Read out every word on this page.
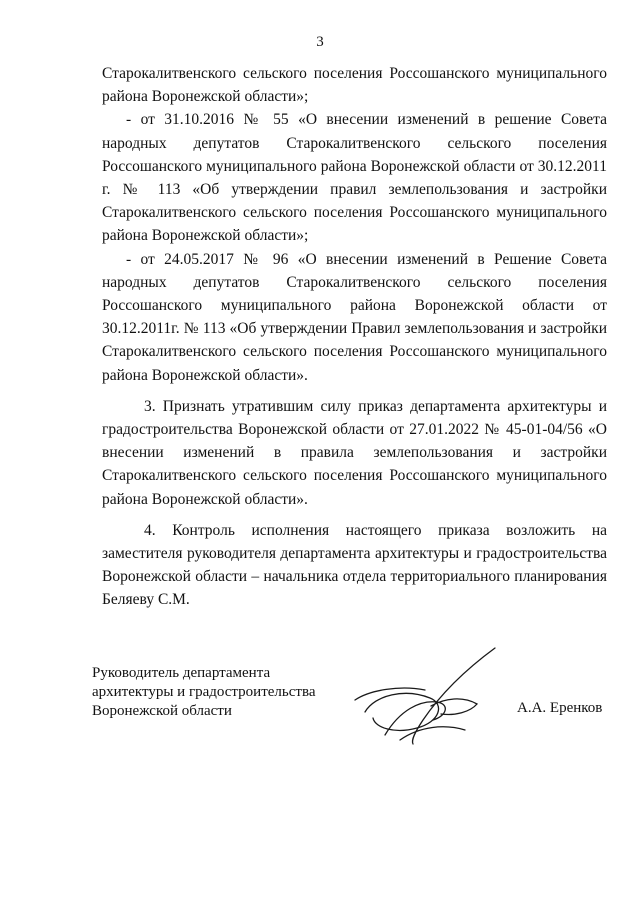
3

Старокалитвенского сельского поселения Россошанского муниципального района Воронежской области»;

- от 31.10.2016 № 55 «О внесении изменений в решение Совета народных депутатов Старокалитвенского сельского поселения Россошанского муниципального района Воронежской области от 30.12.2011 г. № 113 «Об утверждении правил землепользования и застройки Старокалитвенского сельского поселения Россошанского муниципального района Воронежской области»;

- от 24.05.2017 № 96 «О внесении изменений в Решение Совета народных депутатов Старокалитвенского сельского поселения Россошанского муниципального района Воронежской области от 30.12.2011г. № 113 «Об утверждении Правил землепользования и застройки Старокалитвенского сельского поселения Россошанского муниципального района Воронежской области».

3. Признать утратившим силу приказ департамента архитектуры и градостроительства Воронежской области от 27.01.2022 № 45-01-04/56 «О внесении изменений в правила землепользования и застройки Старокалитвенского сельского поселения Россошанского муниципального района Воронежской области».

4. Контроль исполнения настоящего приказа возложить на заместителя руководителя департамента архитектуры и градостроительства Воронежской области – начальника отдела территориального планирования Беляеву С.М.

Руководитель департамента
архитектуры и градостроительства
Воронежской области	А.А. Еренков
